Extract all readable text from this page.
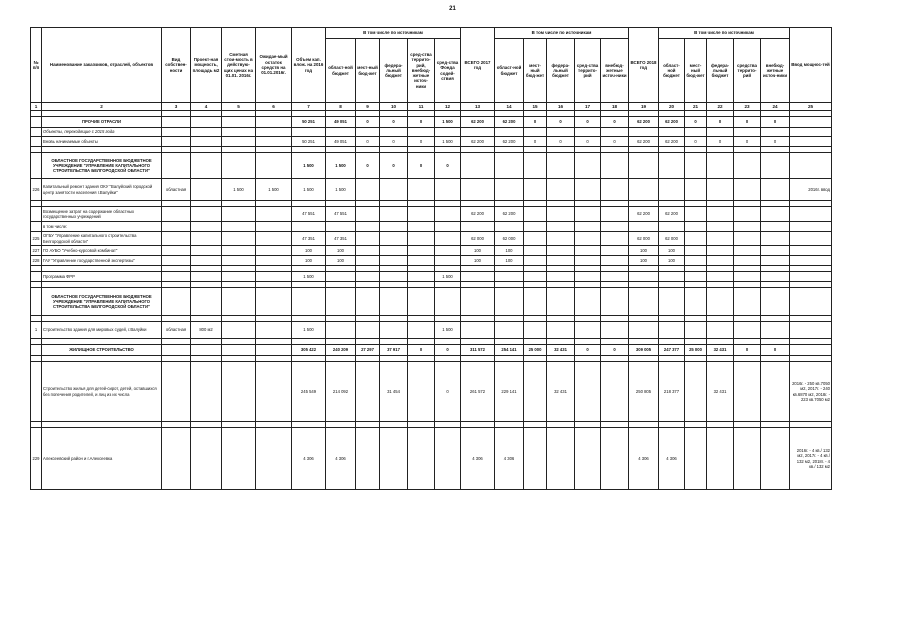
21
№ п/п	Наименование заказчиков, отраслей, объектов	Вид собствен-ности	Проект-ная мощность, площадь м2	Сметная стои-мость в действую-щих ценах на 01.01. 2016г.	Ожидае-мый остаток средств на 01.01.2016г.	Объем кап. влож. на 2016 год	В том числе по источникам					ВСЕГО 2017 год	В том числе по источникам					ВСЕГО 2018 год	В том числе по источникам					Ввод мощнос-тей
							област-ной бюджет	мест-ный бюд-жет	федера-льный бюджет	сред-ства террито-рий, внебюд-жетные источ-ники	сред-ства Фонда содей-ствия		област-ной бюджет	мест-ный бюд-жет	федера-льный бюджет	сред-ства террито-рий	внебюд-жетные источ-ники		област-ной бюджет	мест-ный бюд-жет	федера-льный бюджет	средства террито-рий	внебюд-жетные источ-ники	
1	2	3	4	5	6	7	8	9	10	11	12	13	14	15	16	17	18	19	20	21	22	23	24	25

	ПРОЧИЕ ОТРАСЛИ					50 251	49 051	0	0	0	1 500	62 200	62 200	0	0	0	0	62 200	62 200	0	0	0	0	
	Объекты, переходящие с 2015 года																							
	Вновь начинаемые объекты					50 251	49 051	0	0	0	1 500	62 200	62 200	0	0	0	0	62 200	62 200	0	0	0	0	

	ОБЛАСТНОЕ ГОСУДАРСТВЕННОЕ БЮДЖЕТНОЕ УЧРЕЖДЕНИЕ "УПРАВЛЕНИЕ КАПИТАЛЬНОГО СТРОИТЕЛЬСТВА БЕЛГОРОДСКОЙ ОБЛАСТИ"					1 500	1 500	0	0	0	0													
226	Капитальный ремонт здания ОКУ "Валуйский городской центр занятости населения г.Валуйки"	областная		1 500	1 500	1 500	1 500																	2016г. ввод

	Возмещение затрат на содержание областных государственных учреждений					47 551	47 551					62 200	62 200					62 200	62 200					
	в том числе:																							
225	ОГБУ "Управление капитального строительства Белгородской области"					47 351	47 351					62 000	62 000					62 000	62 000					
227	ГО АУБО "Учебно-курсовой комбинат"					100	100					100	100					100	100					
228	ГАУ "Управление государственной экспертизы"					100	100					100	100					100	100					

	Программа ФРР					1 500					1 500													

	ОБЛАСТНОЕ ГОСУДАРСТВЕННОЕ БЮДЖЕТНОЕ УЧРЕЖДЕНИЕ "УПРАВЛЕНИЕ КАПИТАЛЬНОГО СТРОИТЕЛЬСТВА БЕЛГОРОДСКОЙ ОБЛАСТИ"																							

1	Строительство здания для мировых судей, г.Валуйки	областная	800 м2			1 500					1 500													

	ЖИЛИЩНОЕ СТРОИТЕЛЬСТВО					305 422	240 209	27 297	37 917	0	0	311 572	254 141	25 000	32 431	0	0	309 005	247 377	25 000	32 431	0	0	

	Строительство жилья для детей-сирот, детей, оставшихся без попечения родителей, и лиц из их числа					245 549	214 092		31 454		0	261 572	229 141		32 431			250 805	218 377		32 431			2016г. - 250 кв.7050 м2, 2017г. - 240 кв.6870 м2, 2018г. - 223 кв.7050 м2

229	Алексеевский район и г.Алексеевка					4 306	4 306					4 306	4 306					4 306	4 306					2016г. - 4 кв./ 132 м2, 2017г. - 4 кв./ 132 м2, 2018г. - 4 кв./ 132 м2
